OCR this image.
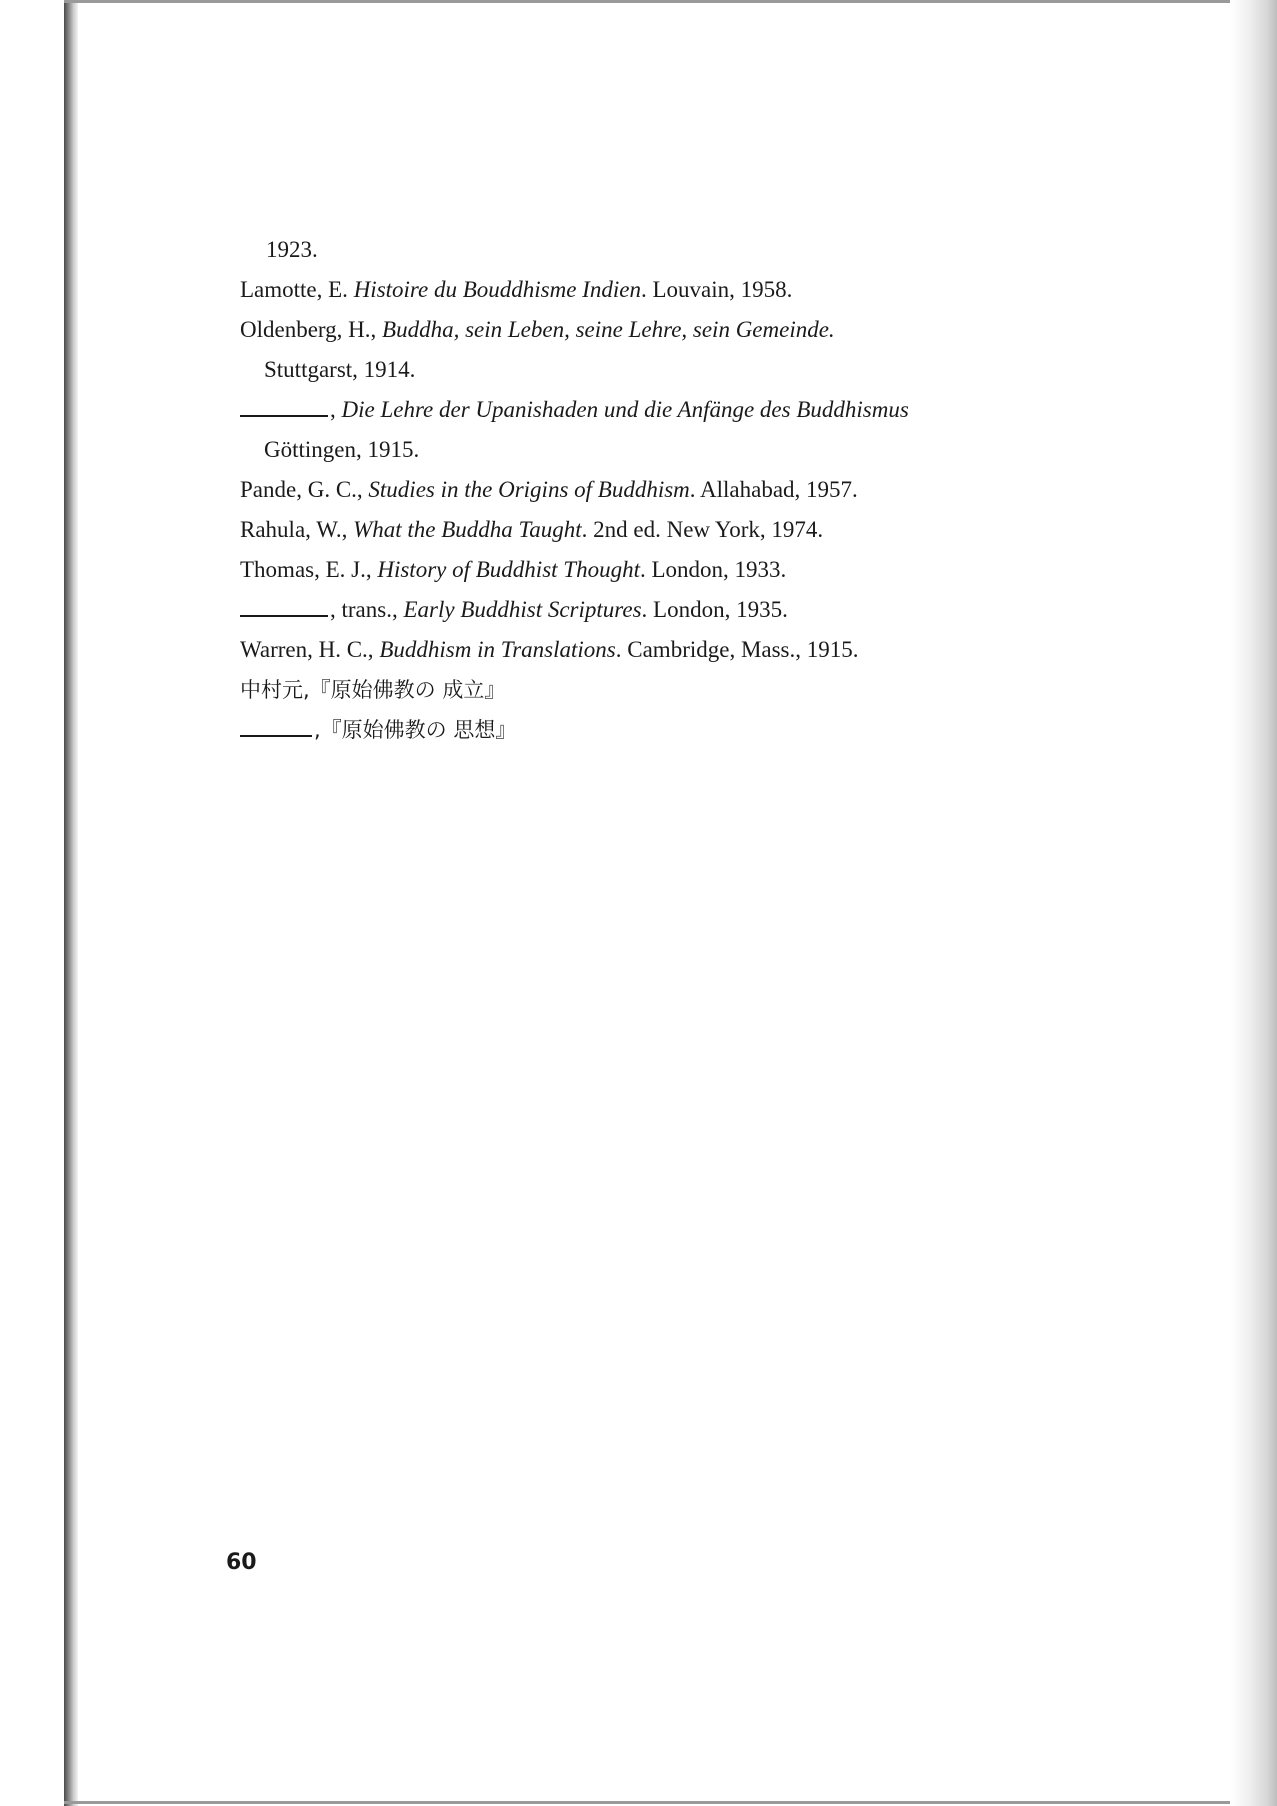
1923.
Lamotte, E. Histoire du Bouddhisme Indien. Louvain, 1958.
Oldenberg, H., Buddha, sein Leben, seine Lehre, sein Gemeinde.
Stuttgarst, 1914.
, Die Lehre der Upanishaden und die Anfänge des Buddhismus
Göttingen, 1915.
Pande, G. C., Studies in the Origins of Buddhism. Allahabad, 1957.
Rahula, W., What the Buddha Taught. 2nd ed. New York, 1974.
Thomas, E. J., History of Buddhist Thought. London, 1933.
, trans., Early Buddhist Scriptures. London, 1935.
Warren, H. C., Buddhism in Translations. Cambridge, Mass., 1915.
中村元,『原始佛教の 成立』
,『原始佛教の 思想』
60
